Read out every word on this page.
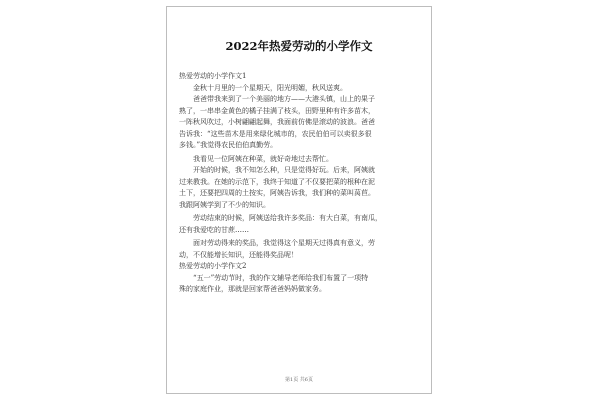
2022年热爱劳动的小学作文
热爱劳动的小学作文1
金秋十月里的一个星期天，阳光明媚，秋风送爽。
爸爸带我来到了一个美丽的地方——大港头镇，山上的果子
熟了，一串串金黄色的橘子挂满了枝头，田野里种有许多苗木，
一阵秋风吹过，小树翩翩起舞，我面前仿佛是滚动的波浪。爸爸
告诉我：“这些苗木是用来绿化城市的，农民伯伯可以卖很多很
多钱。”我觉得农民伯伯真勤劳。
我看见一位阿姨在种菜，就好奇地过去帮忙。
开始的时候，我不知怎么种，只是觉得好玩。后来，阿姨就
过来教我。在她的示范下，我终于知道了不仅要把菜的根种在泥
土下，还要把四周的土按实，阿姨告诉我，我们种的菜叫莴苣。
我跟阿姨学到了不少的知识。
劳动结束的时候，阿姨送给我许多奖品：有大白菜，有南瓜，
还有我爱吃的甘蔗……
面对劳动得来的奖品，我觉得这个星期天过得真有意义，劳
动，不仅能增长知识，还能得奖品呢！
热爱劳动的小学作文2
“五一”劳动节时，我的作文辅导老师给我们布置了一项特
殊的家庭作业，那就是回家帮爸爸妈妈做家务。
第1页 共6页
